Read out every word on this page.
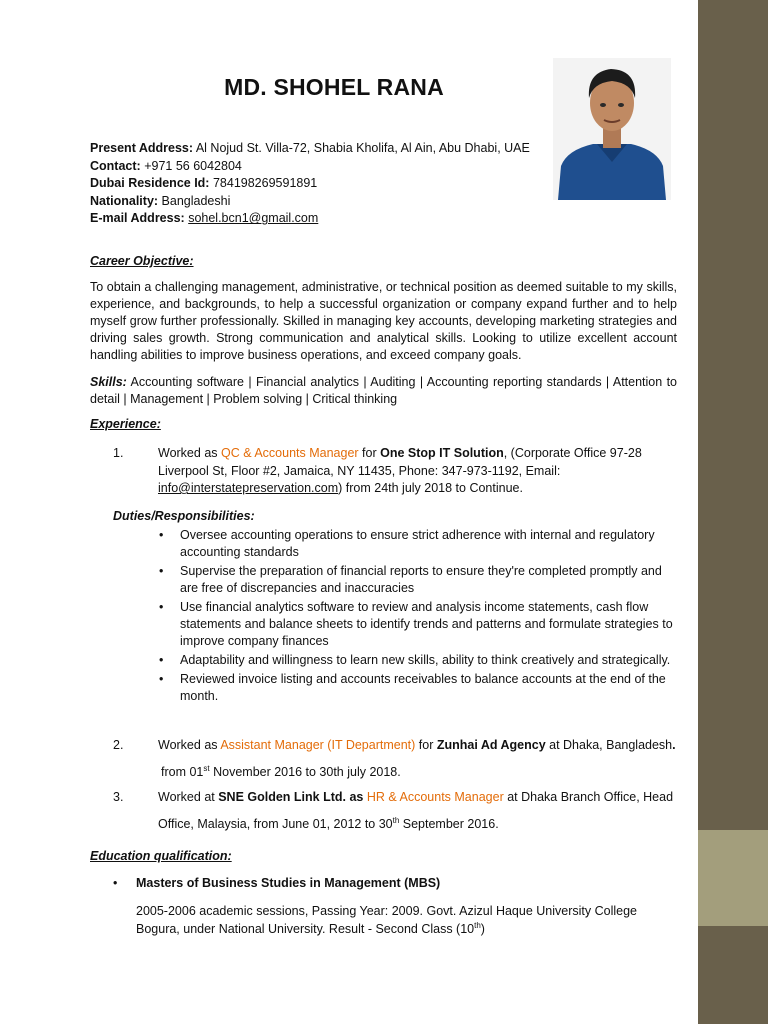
MD. SHOHEL RANA
Present Address: Al Nojud St. Villa-72, Shabia Kholifa, Al Ain, Abu Dhabi, UAE
Contact: +971 56 6042804
Dubai Residence Id: 784198269591891
Nationality: Bangladeshi
E-mail Address: sohel.bcn1@gmail.com
Career Objective:
To obtain a challenging management, administrative, or technical position as deemed suitable to my skills, experience, and backgrounds, to help a successful organization or company expand further and to help myself grow further professionally. Skilled in managing key accounts, developing marketing strategies and driving sales growth. Strong communication and analytical skills. Looking to utilize excellent account handling abilities to improve business operations, and exceed company goals.
Skills: Accounting software | Financial analytics | Auditing | Accounting reporting standards | Attention to detail | Management | Problem solving | Critical thinking
Experience:
1.	Worked as QC & Accounts Manager for One Stop IT Solution, (Corporate Office 97-28 Liverpool St, Floor #2, Jamaica, NY 11435, Phone: 347-973-1192, Email: info@interstatepreservation.com) from 24th july 2018 to Continue.
Duties/Responsibilities:
• Oversee accounting operations to ensure strict adherence with internal and regulatory accounting standards
• Supervise the preparation of financial reports to ensure they're completed promptly and are free of discrepancies and inaccuracies
• Use financial analytics software to review and analysis income statements, cash flow statements and balance sheets to identify trends and patterns and formulate strategies to improve company finances
• Adaptability and willingness to learn new skills, ability to think creatively and strategically.
• Reviewed invoice listing and accounts receivables to balance accounts at the end of the month.
2.	Worked as Assistant Manager (IT Department) for Zunhai Ad Agency at Dhaka, Bangladesh.
from 01st November 2016 to 30th july 2018.
3.	Worked at SNE Golden Link Ltd. as HR & Accounts Manager at Dhaka Branch Office, Head
Office, Malaysia, from June 01, 2012 to 30th September 2016.
Education qualification:
• Masters of Business Studies in Management (MBS)
2005-2006 academic sessions, Passing Year: 2009. Govt. Azizul Haque University College Bogura, under National University. Result - Second Class (10th)
